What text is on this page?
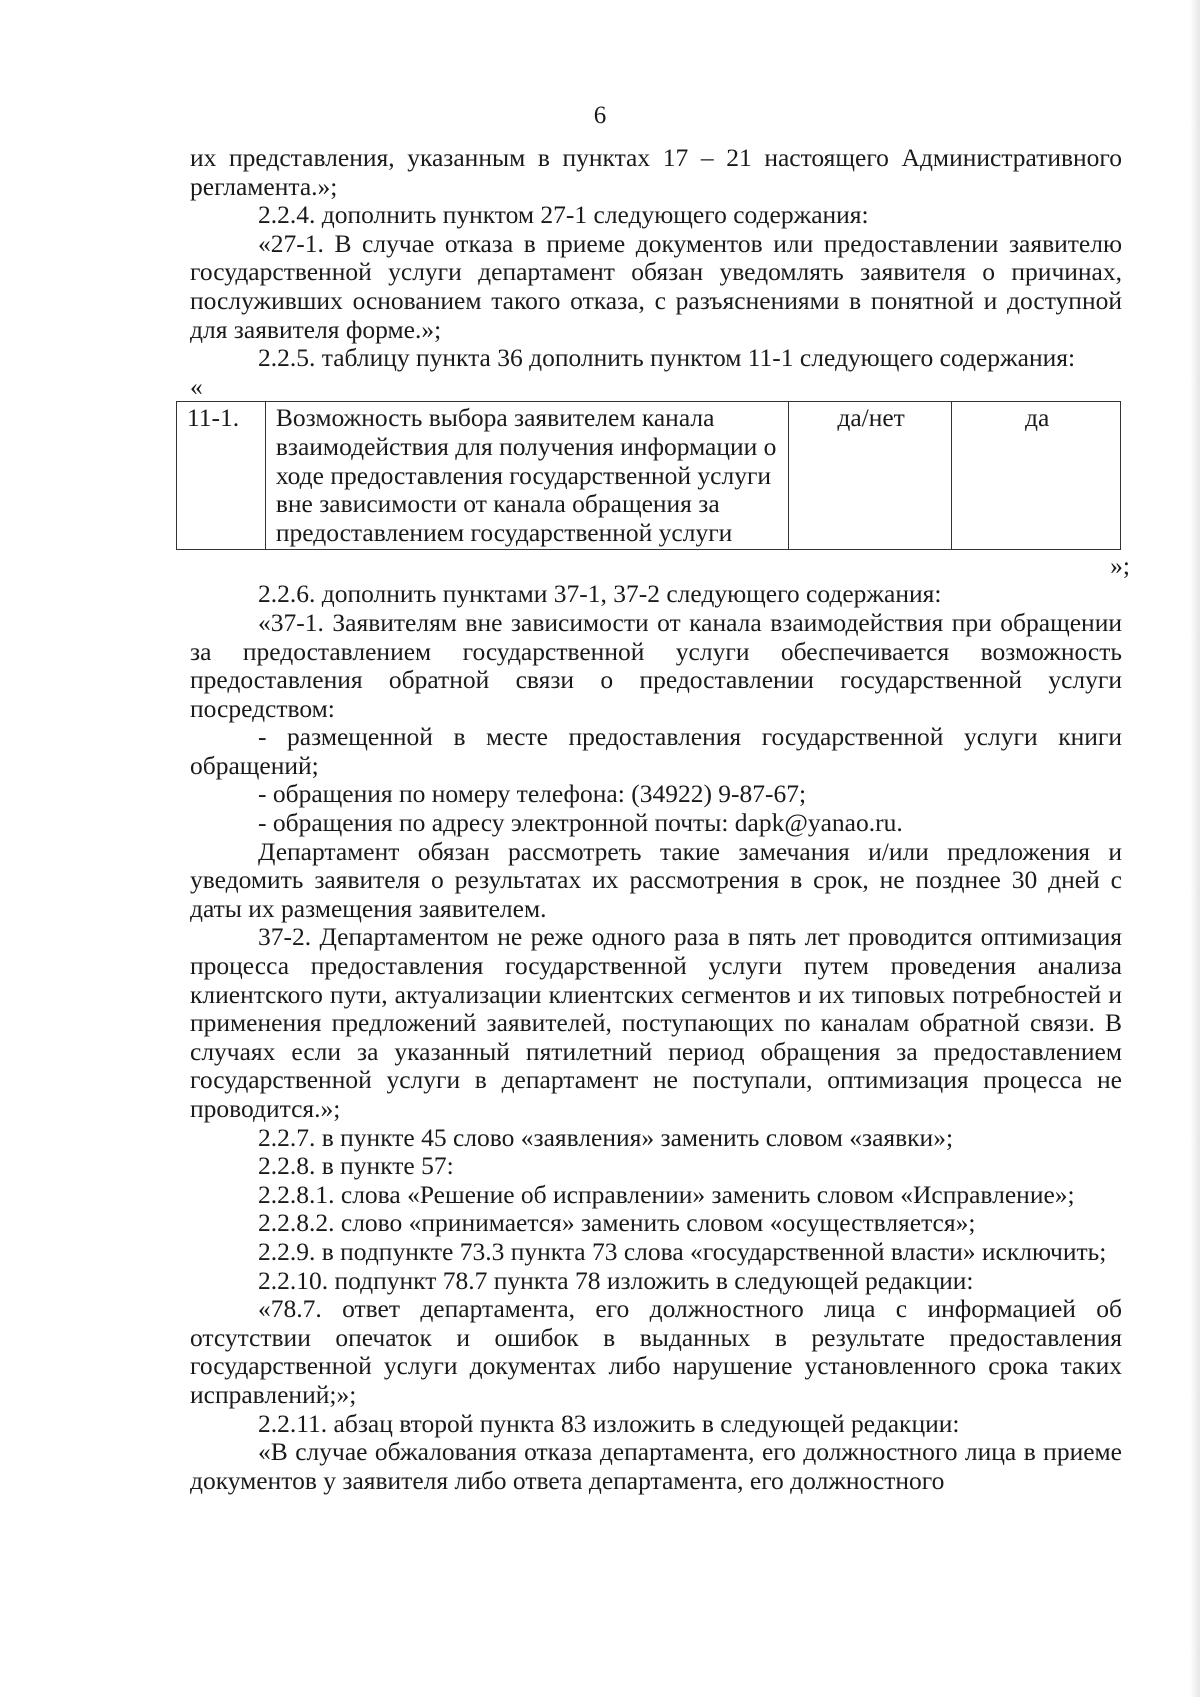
6

их представления, указанным в пунктах 17 – 21 настоящего Административного регламента.»;

2.2.4. дополнить пунктом 27-1 следующего содержания:

«27-1. В случае отказа в приеме документов или предоставлении заявителю государственной услуги департамент обязан уведомлять заявителя о причинах, послуживших основанием такого отказа, с разъяснениями в понятной и доступной для заявителя форме.»;

2.2.5. таблицу пункта 36 дополнить пунктом 11-1 следующего содержания:

«
11-1.	Возможность выбора заявителем канала взаимодействия для получения информации о ходе предоставления государственной услуги вне зависимости от канала обращения за предоставлением государственной услуги	да/нет	да
»;

2.2.6. дополнить пунктами 37-1, 37-2 следующего содержания:

«37-1. Заявителям вне зависимости от канала взаимодействия при обращении за предоставлением государственной услуги обеспечивается возможность предоставления обратной связи о предоставлении государственной услуги посредством:

- размещенной в месте предоставления государственной услуги книги обращений;

- обращения по номеру телефона: (34922) 9-87-67;

- обращения по адресу электронной почты: dapk@yanao.ru.

Департамент обязан рассмотреть такие замечания и/или предложения и уведомить заявителя о результатах их рассмотрения в срок, не позднее 30 дней с даты их размещения заявителем.

37-2. Департаментом не реже одного раза в пять лет проводится оптимизация процесса предоставления государственной услуги путем проведения анализа клиентского пути, актуализации клиентских сегментов и их типовых потребностей и применения предложений заявителей, поступающих по каналам обратной связи. В случаях если за указанный пятилетний период обращения за предоставлением государственной услуги в департамент не поступали, оптимизация процесса не проводится.»;

2.2.7. в пункте 45 слово «заявления» заменить словом «заявки»;

2.2.8. в пункте 57:

2.2.8.1. слова «Решение об исправлении» заменить словом «Исправление»;

2.2.8.2. слово «принимается» заменить словом «осуществляется»;

2.2.9. в подпункте 73.3 пункта 73 слова «государственной власти» исключить;

2.2.10. подпункт 78.7 пункта 78 изложить в следующей редакции:

«78.7. ответ департамента, его должностного лица с информацией об отсутствии опечаток и ошибок в выданных в результате предоставления государственной услуги документах либо нарушение установленного срока таких исправлений;»;

2.2.11. абзац второй пункта 83 изложить в следующей редакции:

«В случае обжалования отказа департамента, его должностного лица в приеме документов у заявителя либо ответа департамента, его должностного
